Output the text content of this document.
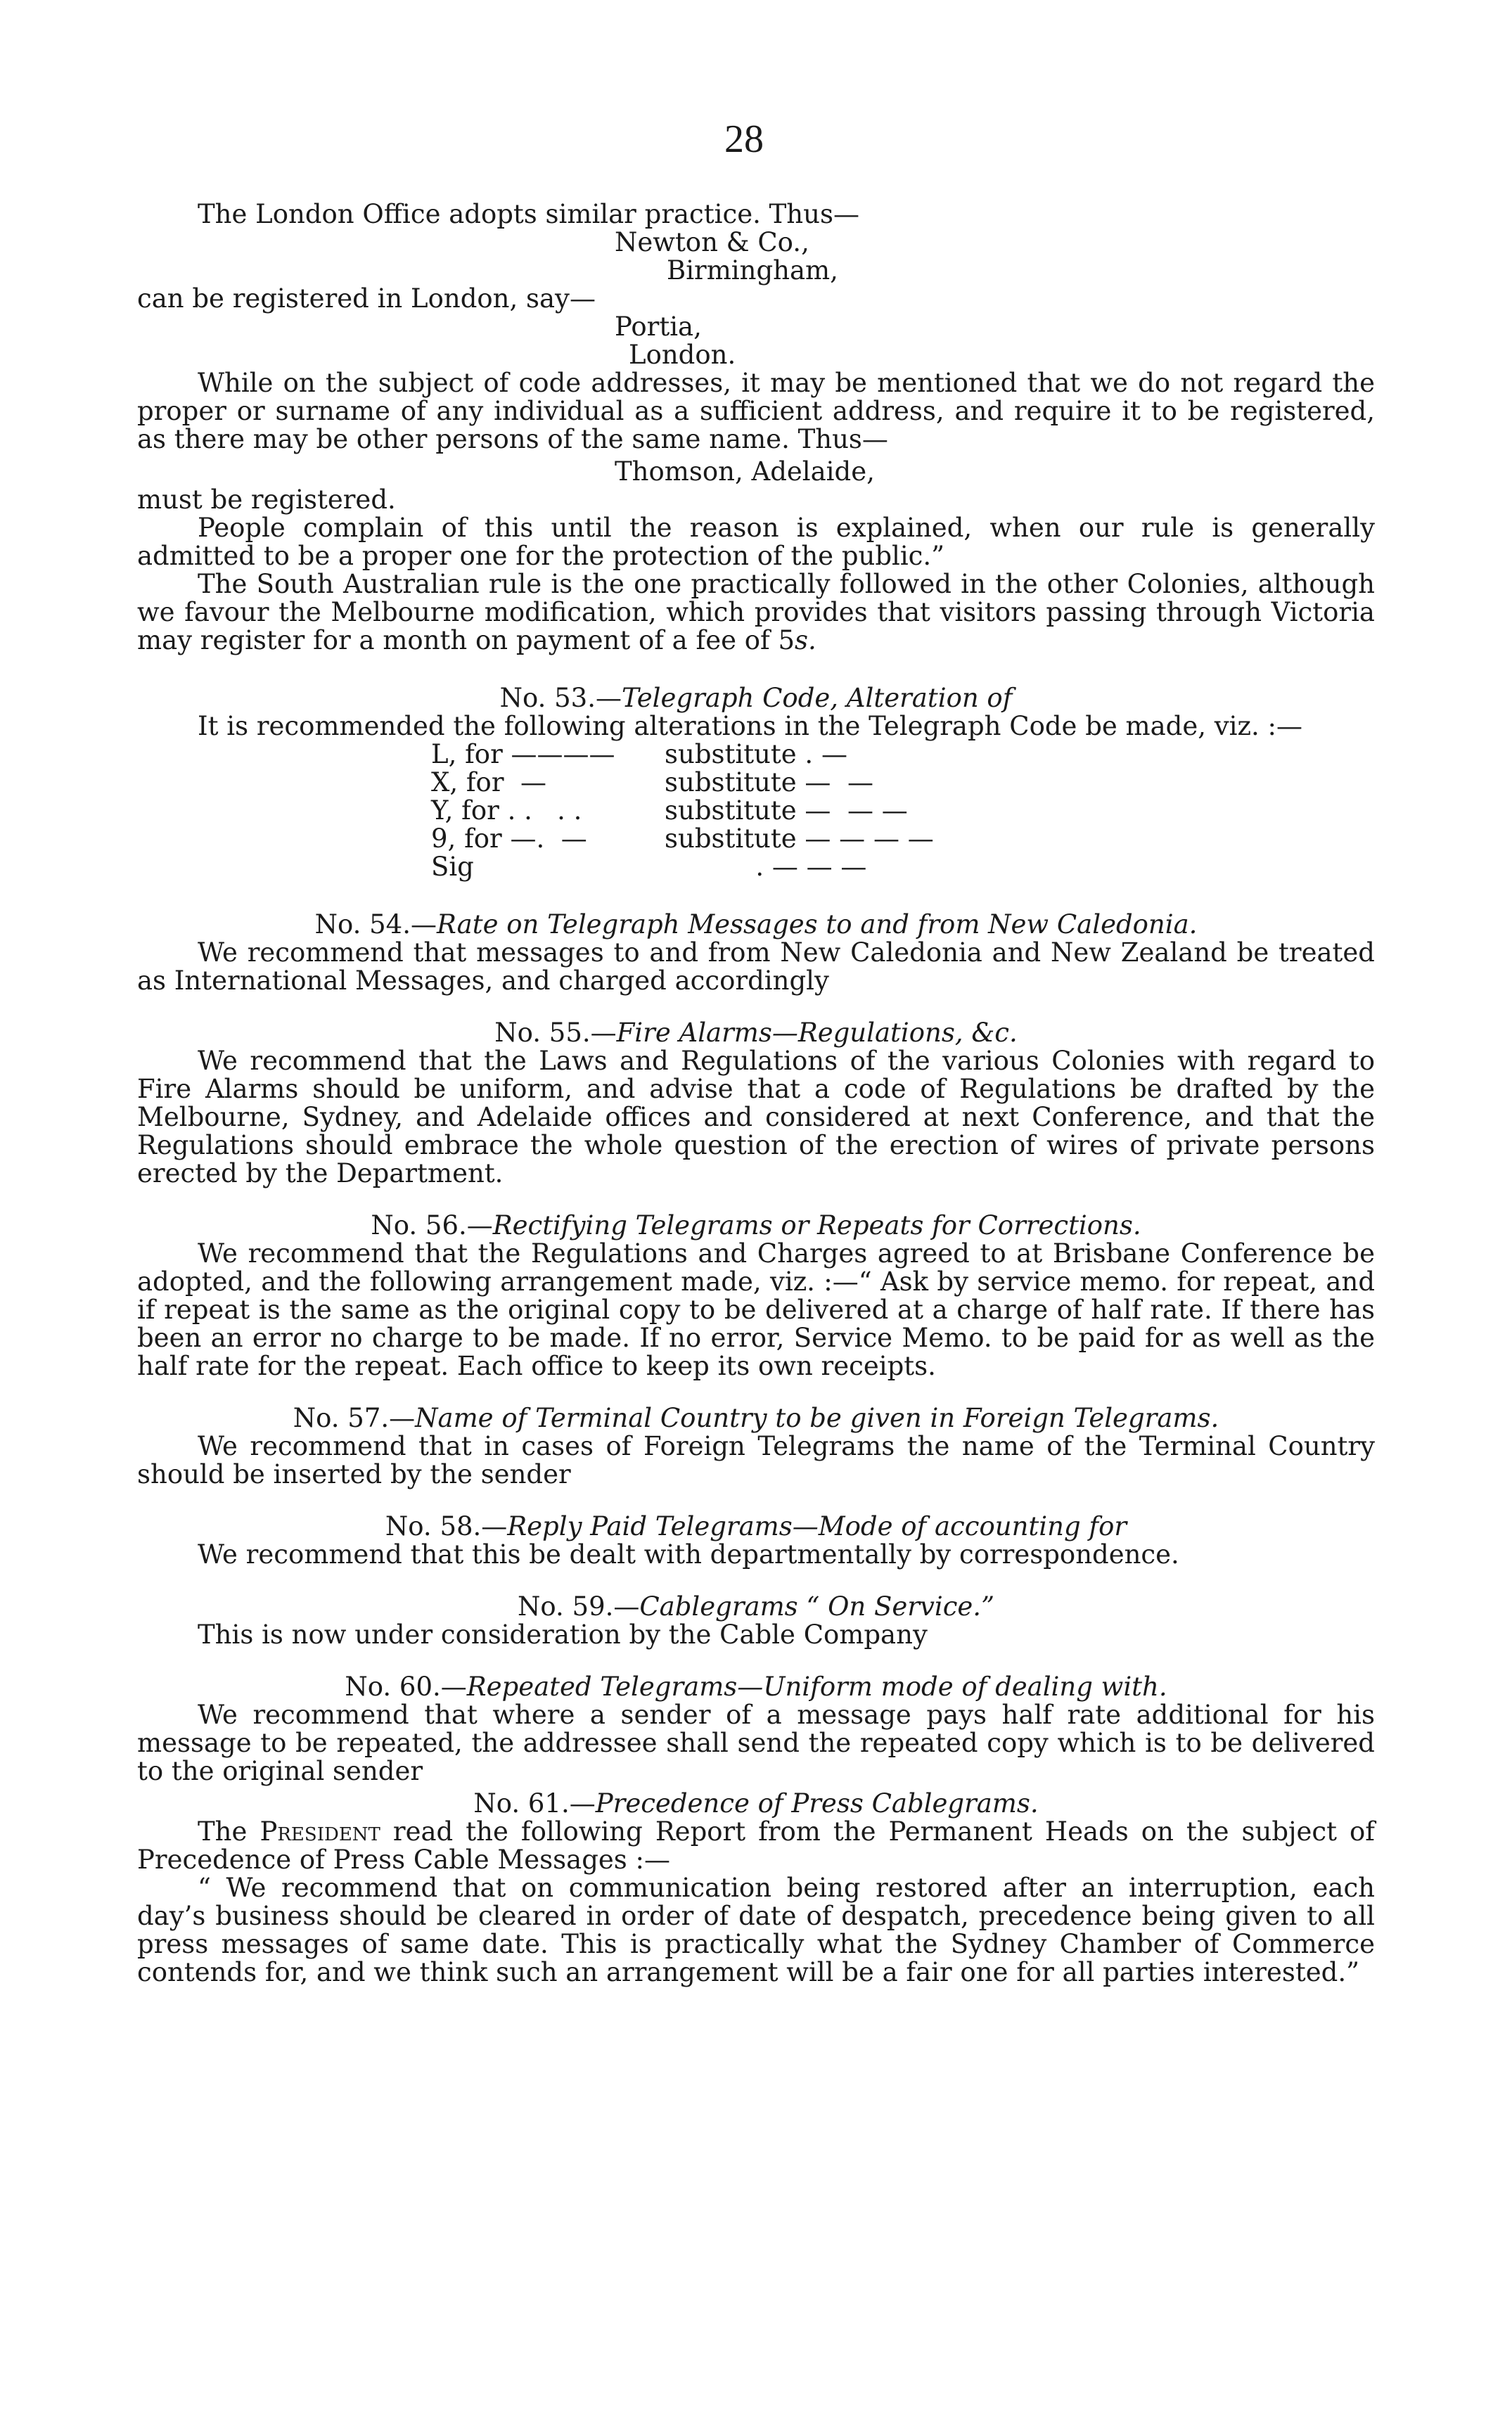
28

The London Office adopts similar practice. Thus—

Newton & Co.,

Birmingham,

can be registered in London, say—

Portia,

London.

While on the subject of code addresses, it may be mentioned that we do not regard the proper or surname of any individual as a sufficient address, and require it to be registered, as there may be other persons of the same name. Thus—

Thomson, Adelaide,

must be registered.

People complain of this until the reason is explained, when our rule is generally admitted to be a proper one for the protection of the public.”

The South Australian rule is the one practically followed in the other Colonies, although we favour the Melbourne modification, which provides that visitors passing through Victoria may register for a month on payment of a fee of 5s.

No. 53.—Telegraph Code, Alteration of

It is recommended the following alterations in the Telegraph Code be made, viz. :—

L, for ————	substitute . —
X, for  —	substitute —  —
Y, for . .   . .	substitute —  — —
9, for —.  —	substitute — — — —
Sig	. — — —

No. 54.—Rate on Telegraph Messages to and from New Caledonia.

We recommend that messages to and from New Caledonia and New Zealand be treated as International Messages, and charged accordingly

No. 55.—Fire Alarms—Regulations, &c.

We recommend that the Laws and Regulations of the various Colonies with regard to Fire Alarms should be uniform, and advise that a code of Regulations be drafted by the Melbourne, Sydney, and Adelaide offices and considered at next Conference, and that the Regulations should embrace the whole question of the erection of wires of private persons erected by the Department.

No. 56.—Rectifying Telegrams or Repeats for Corrections.

We recommend that the Regulations and Charges agreed to at Brisbane Conference be adopted, and the following arrangement made, viz. :—“ Ask by service memo. for repeat, and if repeat is the same as the original copy to be delivered at a charge of half rate. If there has been an error no charge to be made. If no error, Service Memo. to be paid for as well as the half rate for the repeat. Each office to keep its own receipts.

No. 57.—Name of Terminal Country to be given in Foreign Telegrams.

We recommend that in cases of Foreign Telegrams the name of the Terminal Country should be inserted by the sender

No. 58.—Reply Paid Telegrams—Mode of accounting for

We recommend that this be dealt with departmentally by correspondence.

No. 59.—Cablegrams “ On Service.”

This is now under consideration by the Cable Company

No. 60.—Repeated Telegrams—Uniform mode of dealing with.

We recommend that where a sender of a message pays half rate additional for his message to be repeated, the addressee shall send the repeated copy which is to be delivered to the original sender

No. 61.—Precedence of Press Cablegrams.

The President read the following Report from the Permanent Heads on the subject of Precedence of Press Cable Messages :—

“ We recommend that on communication being restored after an interruption, each day’s business should be cleared in order of date of despatch, precedence being given to all press messages of same date. This is practically what the Sydney Chamber of Commerce contends for, and we think such an arrangement will be a fair one for all parties interested.”
